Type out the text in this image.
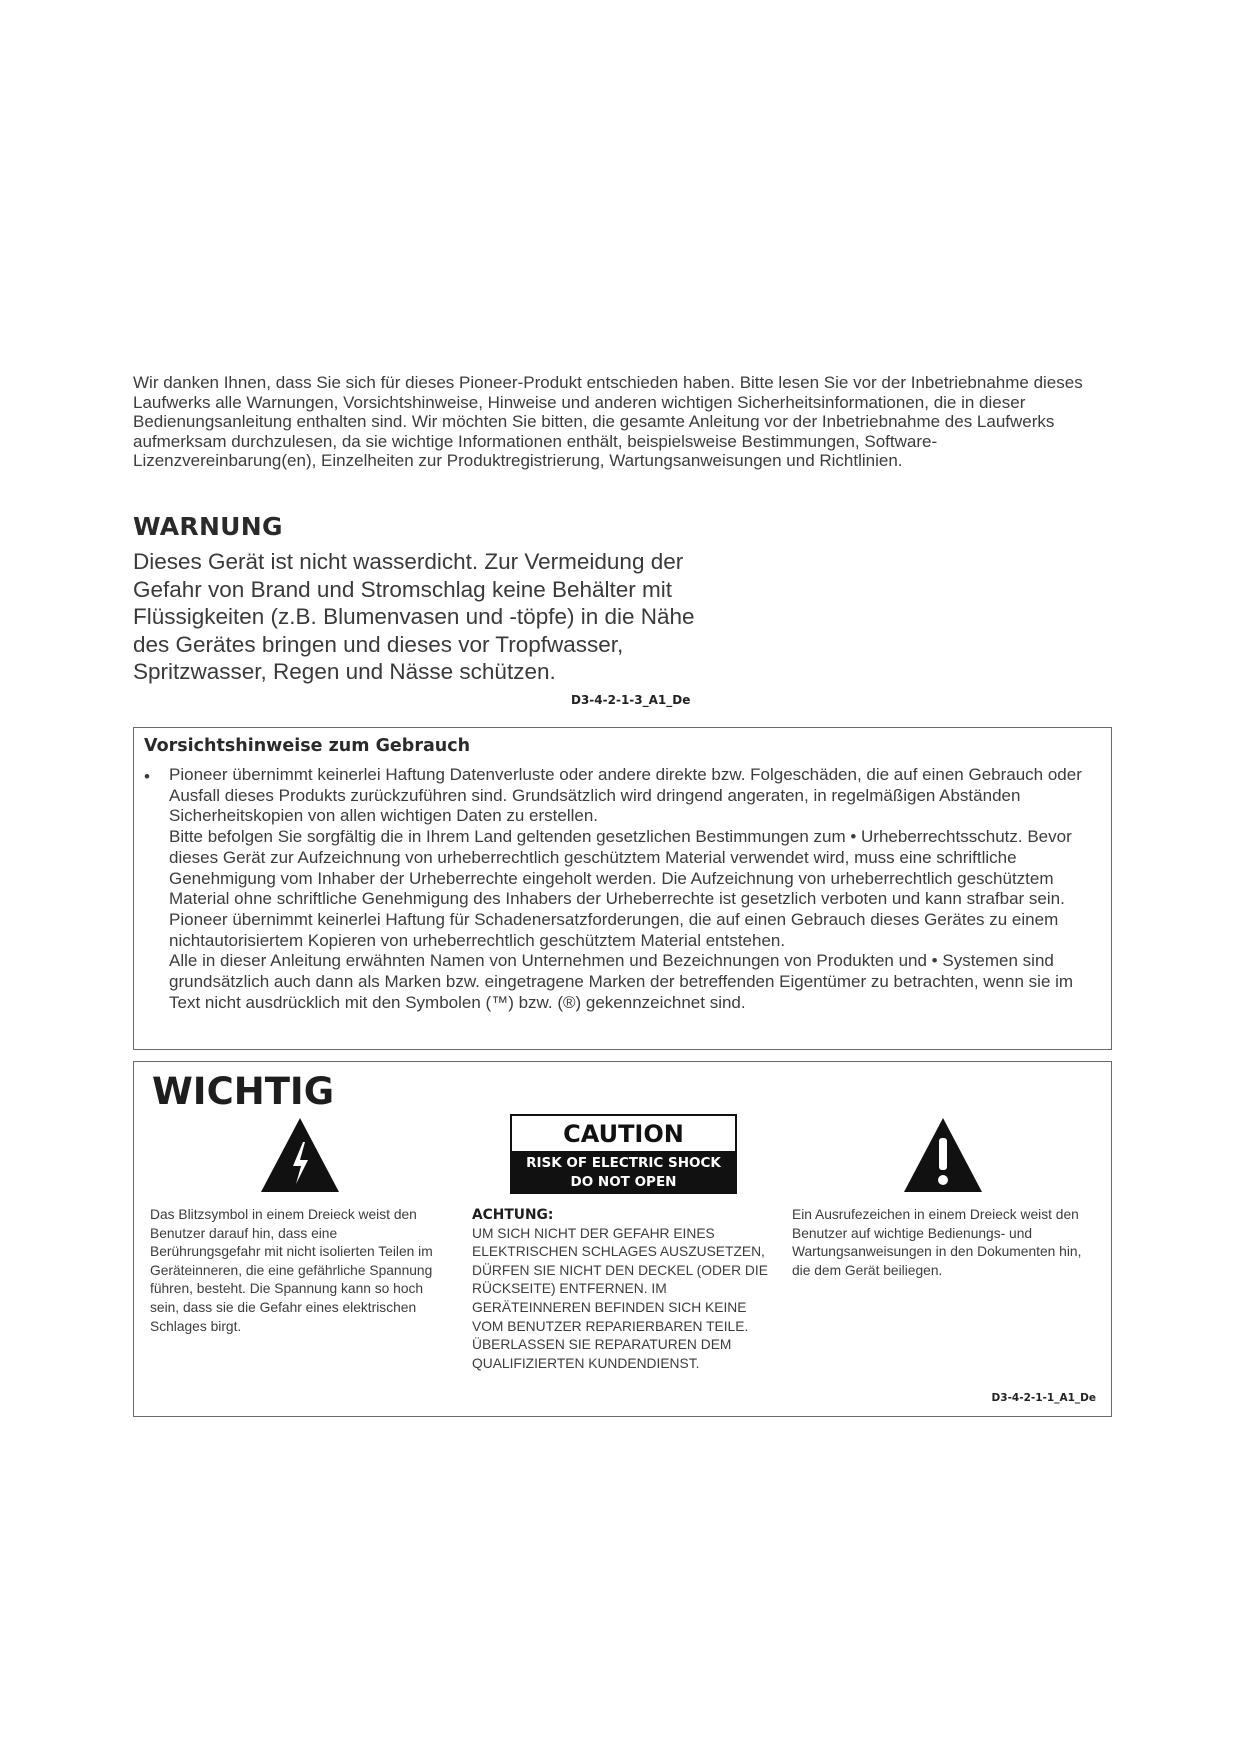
Wir danken Ihnen, dass Sie sich für dieses Pioneer-Produkt entschieden haben. Bitte lesen Sie vor der Inbetriebnahme dieses Laufwerks alle Warnungen, Vorsichtshinweise, Hinweise und anderen wichtigen Sicherheitsinformationen, die in dieser Bedienungsanleitung enthalten sind. Wir möchten Sie bitten, die gesamte Anleitung vor der Inbetriebnahme des Laufwerks aufmerksam durchzulesen, da sie wichtige Informationen enthält, beispielsweise Bestimmungen, Software-Lizenzvereinbarung(en), Einzelheiten zur Produktregistrierung, Wartungsanweisungen und Richtlinien.

WARNUNG

Dieses Gerät ist nicht wasserdicht. Zur Vermeidung der Gefahr von Brand und Stromschlag keine Behälter mit Flüssigkeiten (z.B. Blumenvasen und -töpfe) in die Nähe des Gerätes bringen und dieses vor Tropfwasser, Spritzwasser, Regen und Nässe schützen.

D3-4-2-1-3_A1_De
Vorsichtshinweise zum Gebrauch
•	Pioneer übernimmt keinerlei Haftung Datenverluste oder andere direkte bzw. Folgeschäden, die auf einen Gebrauch oder Ausfall dieses Produkts zurückzuführen sind. Grundsätzlich wird dringend angeraten, in regelmäßigen Abständen Sicherheitskopien von allen wichtigen Daten zu erstellen.

Bitte befolgen Sie sorgfältig die in Ihrem Land geltenden gesetzlichen Bestimmungen zum • Urheberrechtsschutz. Bevor dieses Gerät zur Aufzeichnung von urheberrechtlich geschütztem Material verwendet wird, muss eine schriftliche Genehmigung vom Inhaber der Urheberrechte eingeholt werden. Die Aufzeichnung von urheberrechtlich geschütztem Material ohne schriftliche Genehmigung des Inhabers der Urheberrechte ist gesetzlich verboten und kann strafbar sein. Pioneer übernimmt keinerlei Haftung für Schadenersatzforderungen, die auf einen Gebrauch dieses Gerätes zu einem nichtautorisiertem Kopieren von urheberrechtlich geschütztem Material entstehen.

Alle in dieser Anleitung erwähnten Namen von Unternehmen und Bezeichnungen von Produkten und • Systemen sind grundsätzlich auch dann als Marken bzw. eingetragene Marken der betreffenden Eigentümer zu betrachten, wenn sie im Text nicht ausdrücklich mit den Symbolen (™) bzw. (®) gekennzeichnet sind.

WICHTIG
CAUTION
RISK OF ELECTRIC SHOCK
DO NOT OPEN

Das Blitzsymbol in einem Dreieck weist den Benutzer darauf hin, dass eine Berührungsgefahr mit nicht isolierten Teilen im Geräteinneren, die eine gefährliche Spannung führen, besteht. Die Spannung kann so hoch sein, dass sie die Gefahr eines elektrischen Schlages birgt.

ACHTUNG:
UM SICH NICHT DER GEFAHR EINES ELEKTRISCHEN SCHLAGES AUSZUSETZEN, DÜRFEN SIE NICHT DEN DECKEL (ODER DIE RÜCKSEITE) ENTFERNEN. IM GERÄTEINNEREN BEFINDEN SICH KEINE VOM BENUTZER REPARIERBAREN TEILE. ÜBERLASSEN SIE REPARATUREN DEM QUALIFIZIERTEN KUNDENDIENST.

Ein Ausrufezeichen in einem Dreieck weist den Benutzer auf wichtige Bedienungs- und Wartungsanweisungen in den Dokumenten hin, die dem Gerät beiliegen.

D3-4-2-1-1_A1_De
